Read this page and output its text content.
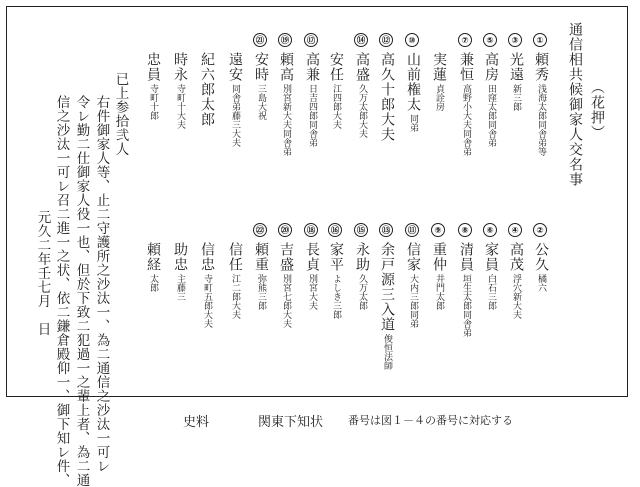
（花押）
通信相共候御家人交名事
①
頼秀
浅海太郎同舎弟等
③
光遠
新三郎
⑤
高房
田窪太郎同舎弟
⑦
兼恒
高野小大夫同舎弟
実蓮
貞詮房
⑩
山前権太
同弟
⑫
高久十郎大夫
⑭
高盛
久万太郎大夫
安任
江四郎大夫
⑰
高兼
日吉四郎同舎弟
⑲
頼高
別宮新大夫同舎弟
㉑
安時
三島大祝
遠安
同舎弟藤三大夫
②
公久
橘六
④
高茂
浮穴新大夫
⑥
家員
白石三郎
⑧
清員
垣生太郎同舎弟
⑨
重仲
井門太郎
⑪
信家
大内三郎同弟
⑬
余戸源三入道
俊恒法師
⑮
永助
久万太郎
⑯
家平
よしき三郎
⑱
長貞
別宮大夫
⑳
吉盛
別宮七郎大夫
㉒
頼重
弥熊三郎
信任
江二郎大夫
信忠
寺町五郎大夫
助忠
主藤三
頼経
太郎
紀六郎太郎
時永
寺町十大夫
忠員
寺町十郎
已上参拾弐人
右件御家人等、止二守護所之沙汰一、為二通信之沙汰一可レ
令レ勤二仕御家人役一也、但於下致二犯過一之輩上者、為二通
信之沙汰一可レ召二進一之状、依二鎌倉殿仰一、御下知レ件、
元久二年壬七月　日
史料	関東下知状 番号は図１－４の番号に対応する
